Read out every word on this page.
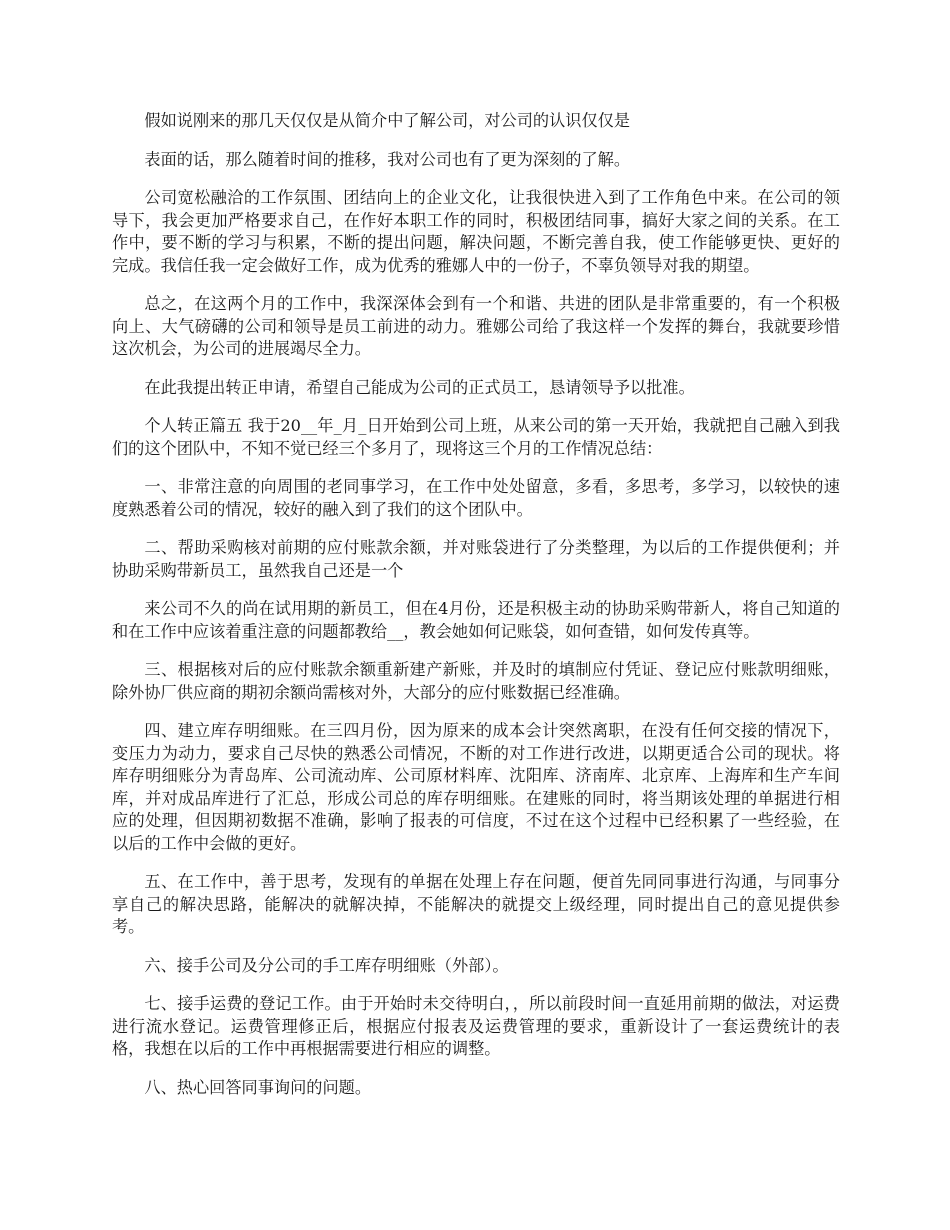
假如说刚来的那几天仅仅是从简介中了解公司，对公司的认识仅仅是

表面的话，那么随着时间的推移，我对公司也有了更为深刻的了解。

公司宽松融洽的工作氛围、团结向上的企业文化，让我很快进入到了工作角色中来。在公司的领导下，我会更加严格要求自己，在作好本职工作的同时，积极团结同事，搞好大家之间的关系。在工作中，要不断的学习与积累，不断的提出问题，解决问题，不断完善自我，使工作能够更快、更好的完成。我信任我一定会做好工作，成为优秀的雅娜人中的一份子，不辜负领导对我的期望。

总之，在这两个月的工作中，我深深体会到有一个和谐、共进的团队是非常重要的，有一个积极向上、大气磅礴的公司和领导是员工前进的动力。雅娜公司给了我这样一个发挥的舞台，我就要珍惜这次机会，为公司的进展竭尽全力。

在此我提出转正申请，希望自己能成为公司的正式员工，恳请领导予以批准。

个人转正篇五 我于20__年_月_日开始到公司上班，从来公司的第一天开始，我就把自己融入到我们的这个团队中，不知不觉已经三个多月了，现将这三个月的工作情况总结：

一、非常注意的向周围的老同事学习，在工作中处处留意，多看，多思考，多学习，以较快的速度熟悉着公司的情况，较好的融入到了我们的这个团队中。

二、帮助采购核对前期的应付账款余额，并对账袋进行了分类整理，为以后的工作提供便利；并协助采购带新员工，虽然我自己还是一个

来公司不久的尚在试用期的新员工，但在4月份，还是积极主动的协助采购带新人，将自己知道的和在工作中应该着重注意的问题都教给__，教会她如何记账袋，如何查错，如何发传真等。

三、根据核对后的应付账款余额重新建产新账，并及时的填制应付凭证、登记应付账款明细账，除外协厂供应商的期初余额尚需核对外，大部分的应付账数据已经准确。

四、建立库存明细账。在三四月份，因为原来的成本会计突然离职，在没有任何交接的情况下，变压力为动力，要求自己尽快的熟悉公司情况，不断的对工作进行改进，以期更适合公司的现状。将库存明细账分为青岛库、公司流动库、公司原材料库、沈阳库、济南库、北京库、上海库和生产车间库，并对成品库进行了汇总，形成公司总的库存明细账。在建账的同时，将当期该处理的单据进行相应的处理，但因期初数据不准确，影响了报表的可信度，不过在这个过程中已经积累了一些经验，在以后的工作中会做的更好。

五、在工作中，善于思考，发现有的单据在处理上存在问题，便首先同同事进行沟通，与同事分享自己的解决思路，能解决的就解决掉，不能解决的就提交上级经理，同时提出自己的意见提供参考。

六、接手公司及分公司的手工库存明细账（外部）。

七、接手运费的登记工作。由于开始时未交待明白，，所以前段时间一直延用前期的做法，对运费进行流水登记。运费管理修正后，根据应付报表及运费管理的要求，重新设计了一套运费统计的表格，我想在以后的工作中再根据需要进行相应的调整。

八、热心回答同事询问的问题。
